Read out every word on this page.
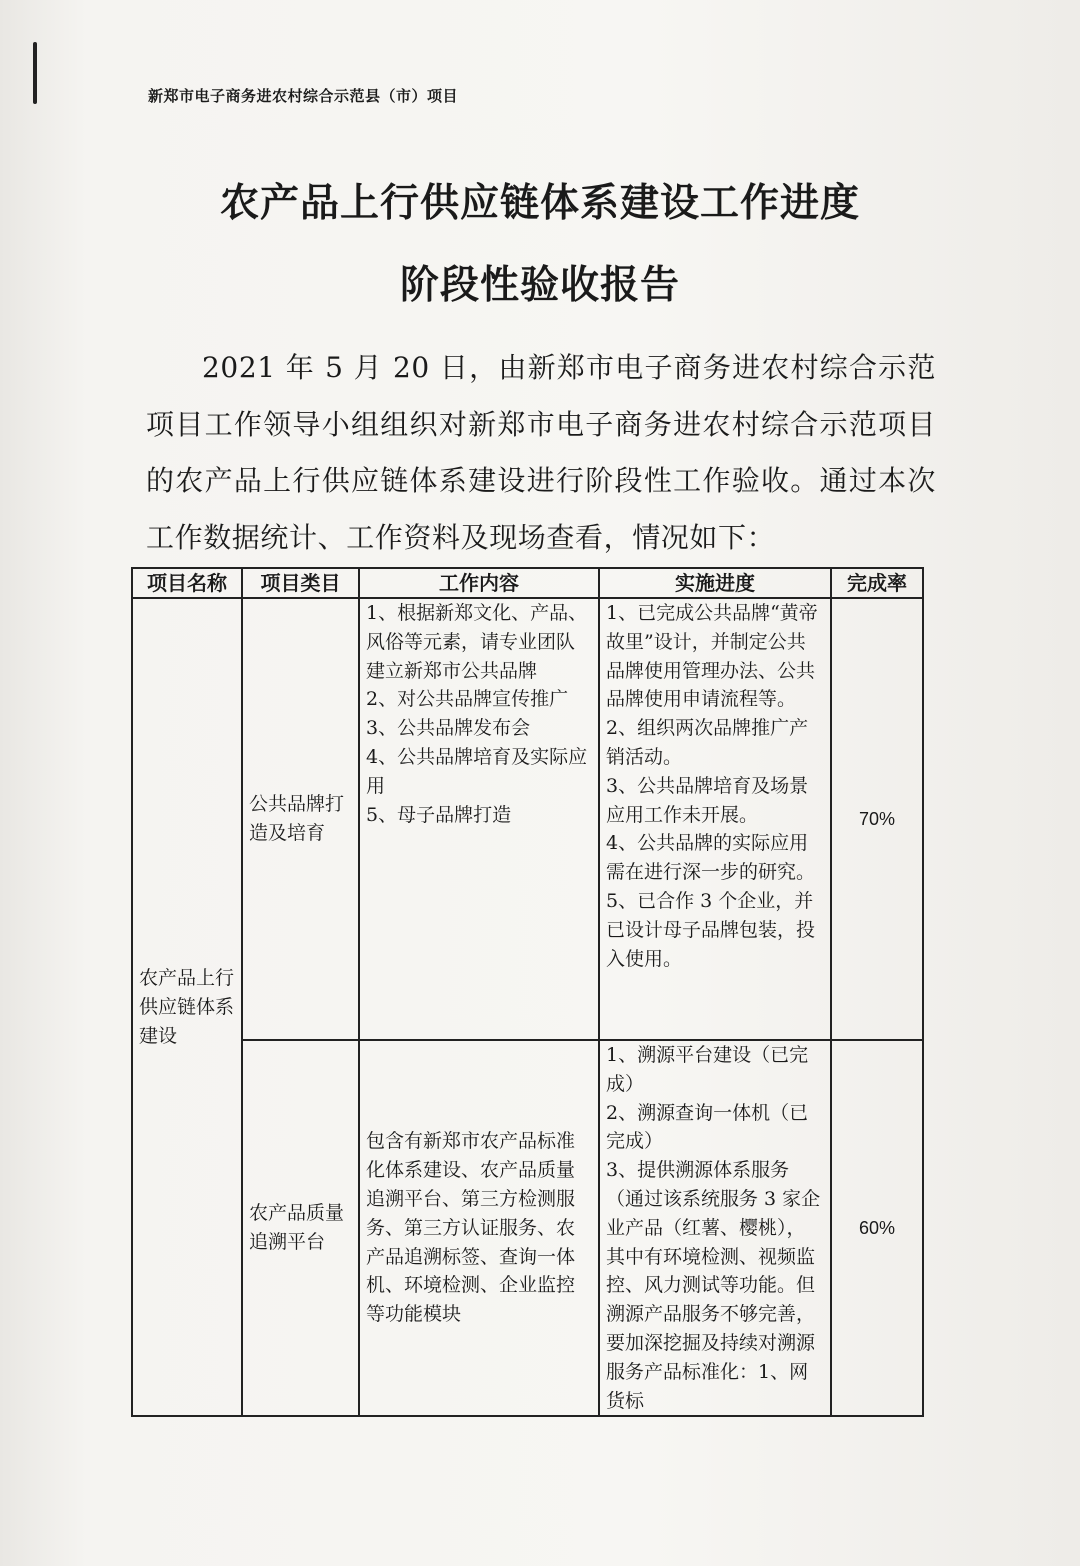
新郑市电子商务进农村综合示范县（市）项目
农产品上行供应链体系建设工作进度
阶段性验收报告
2021 年 5 月 20 日，由新郑市电子商务进农村综合示范项目工作领导小组组织对新郑市电子商务进农村综合示范项目的农产品上行供应链体系建设进行阶段性工作验收。通过本次工作数据统计、工作资料及现场查看，情况如下：
项目名称	项目类目	工作内容	实施进度	完成率
农产品上行供应链体系建设	公共品牌打造及培育	1、根据新郑文化、产品、风俗等元素，请专业团队建立新郑市公共品牌
2、对公共品牌宣传推广
3、公共品牌发布会
4、公共品牌培育及实际应用
5、母子品牌打造	1、已完成公共品牌“黄帝故里”设计，并制定公共品牌使用管理办法、公共品牌使用申请流程等。
2、组织两次品牌推广产销活动。
3、公共品牌培育及场景应用工作未开展。
4、公共品牌的实际应用需在进行深一步的研究。
5、已合作 3 个企业，并已设计母子品牌包装，投入使用。	70%
	农产品质量追溯平台	包含有新郑市农产品标准化体系建设、农产品质量追溯平台、第三方检测服务、第三方认证服务、农产品追溯标签、查询一体机、环境检测、企业监控等功能模块	1、溯源平台建设（已完成）
2、溯源查询一体机（已完成）
3、提供溯源体系服务（通过该系统服务 3 家企业产品（红薯、樱桃），其中有环境检测、视频监控、风力测试等功能。但溯源产品服务不够完善，要加深挖掘及持续对溯源服务产品标准化：1、网货标	60%
